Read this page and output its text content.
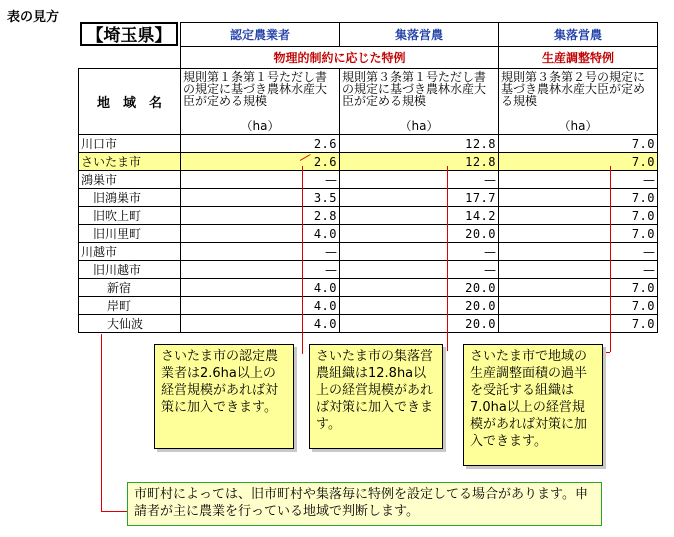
表の見方
	認定農業者	集落営農	集落営農
	物理的制約に応じた特例		生産調整特例
地　域　名	規則第１条第１号ただし書の規定に基づき農林水産大臣が定める規模	規則第３条第１号ただし書の規定に基づき農林水産大臣が定める規模	規則第３条第２号の規定に基づき農林水産大臣が定める規模
	（ha）	（ha）	（ha）
川口市	2.6	12.8	7.0
さいたま市	2.6	12.8	7.0
鴻巣市	—	—	—
旧鴻巣市	3.5	17.7	7.0
旧吹上町	2.8	14.2	7.0
旧川里町	4.0	20.0	7.0
川越市	—	—	—
旧川越市	—	—	—
新宿	4.0	20.0	7.0
岸町	4.0	20.0	7.0
大仙波	4.0	20.0	7.0
【埼玉県】
さいたま市の認定農業者は2.6ha以上の経営規模があれば対策に加入できます。
さいたま市の集落営農組織は12.8ha以上の経営規模があれば対策に加入できます。
さいたま市で地域の生産調整面積の過半を受託する組織は7.0ha以上の経営規模があれば対策に加入できます。
市町村によっては、旧市町村や集落毎に特例を設定してる場合があります。申請者が主に農業を行っている地域で判断します。
